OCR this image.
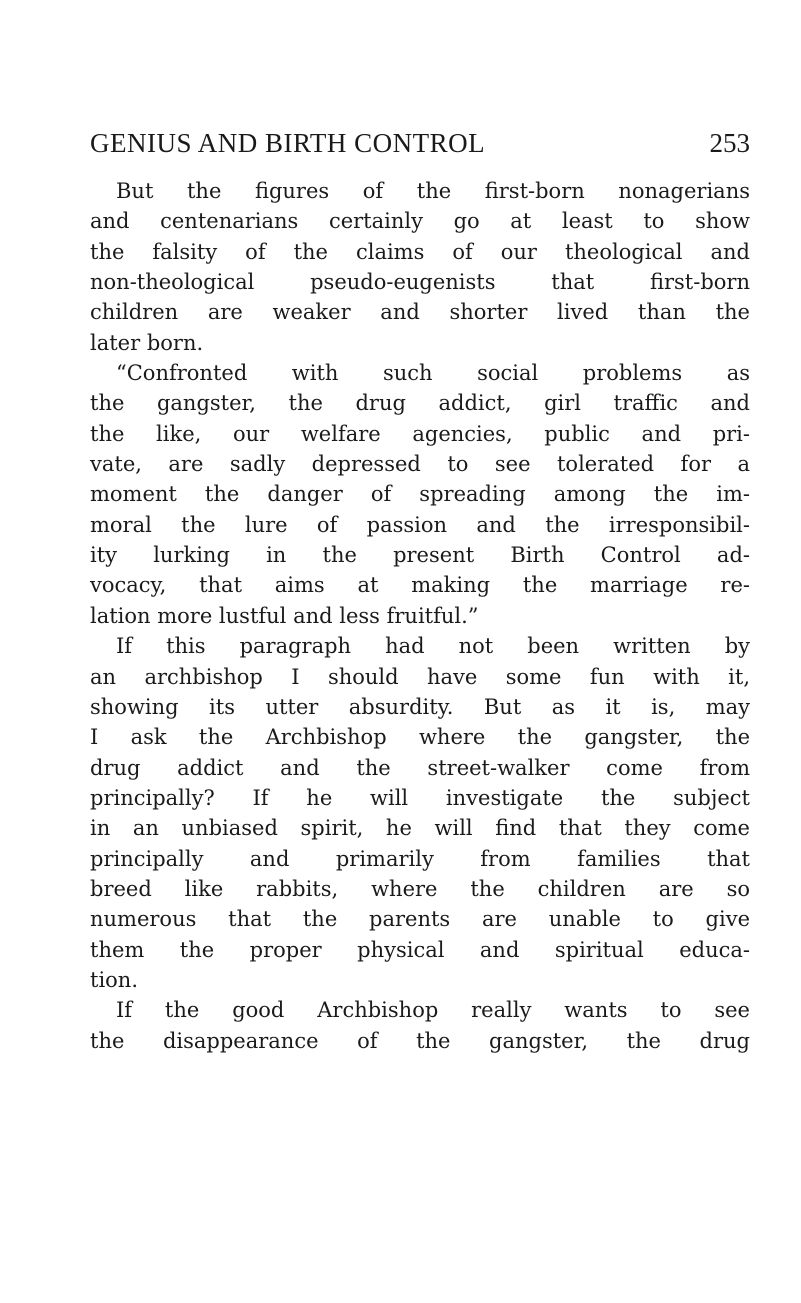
GENIUS AND BIRTH CONTROL	253
But the figures of the first-born nonagerians
and centenarians certainly go at least to show
the falsity of the claims of our theological and
non-theological pseudo-eugenists that first-born
children are weaker and shorter lived than the
later born.
“Confronted with such social problems as
the gangster, the drug addict, girl traffic and
the like, our welfare agencies, public and pri-
vate, are sadly depressed to see tolerated for a
moment the danger of spreading among the im-
moral the lure of passion and the irresponsibil-
ity lurking in the present Birth Control ad-
vocacy, that aims at making the marriage re-
lation more lustful and less fruitful.”
If this paragraph had not been written by
an archbishop I should have some fun with it,
showing its utter absurdity. But as it is, may
I ask the Archbishop where the gangster, the
drug addict and the street-walker come from
principally? If he will investigate the subject
in an unbiased spirit, he will find that they come
principally and primarily from families that
breed like rabbits, where the children are so
numerous that the parents are unable to give
them the proper physical and spiritual educa-
tion.
If the good Archbishop really wants to see
the disappearance of the gangster, the drug
